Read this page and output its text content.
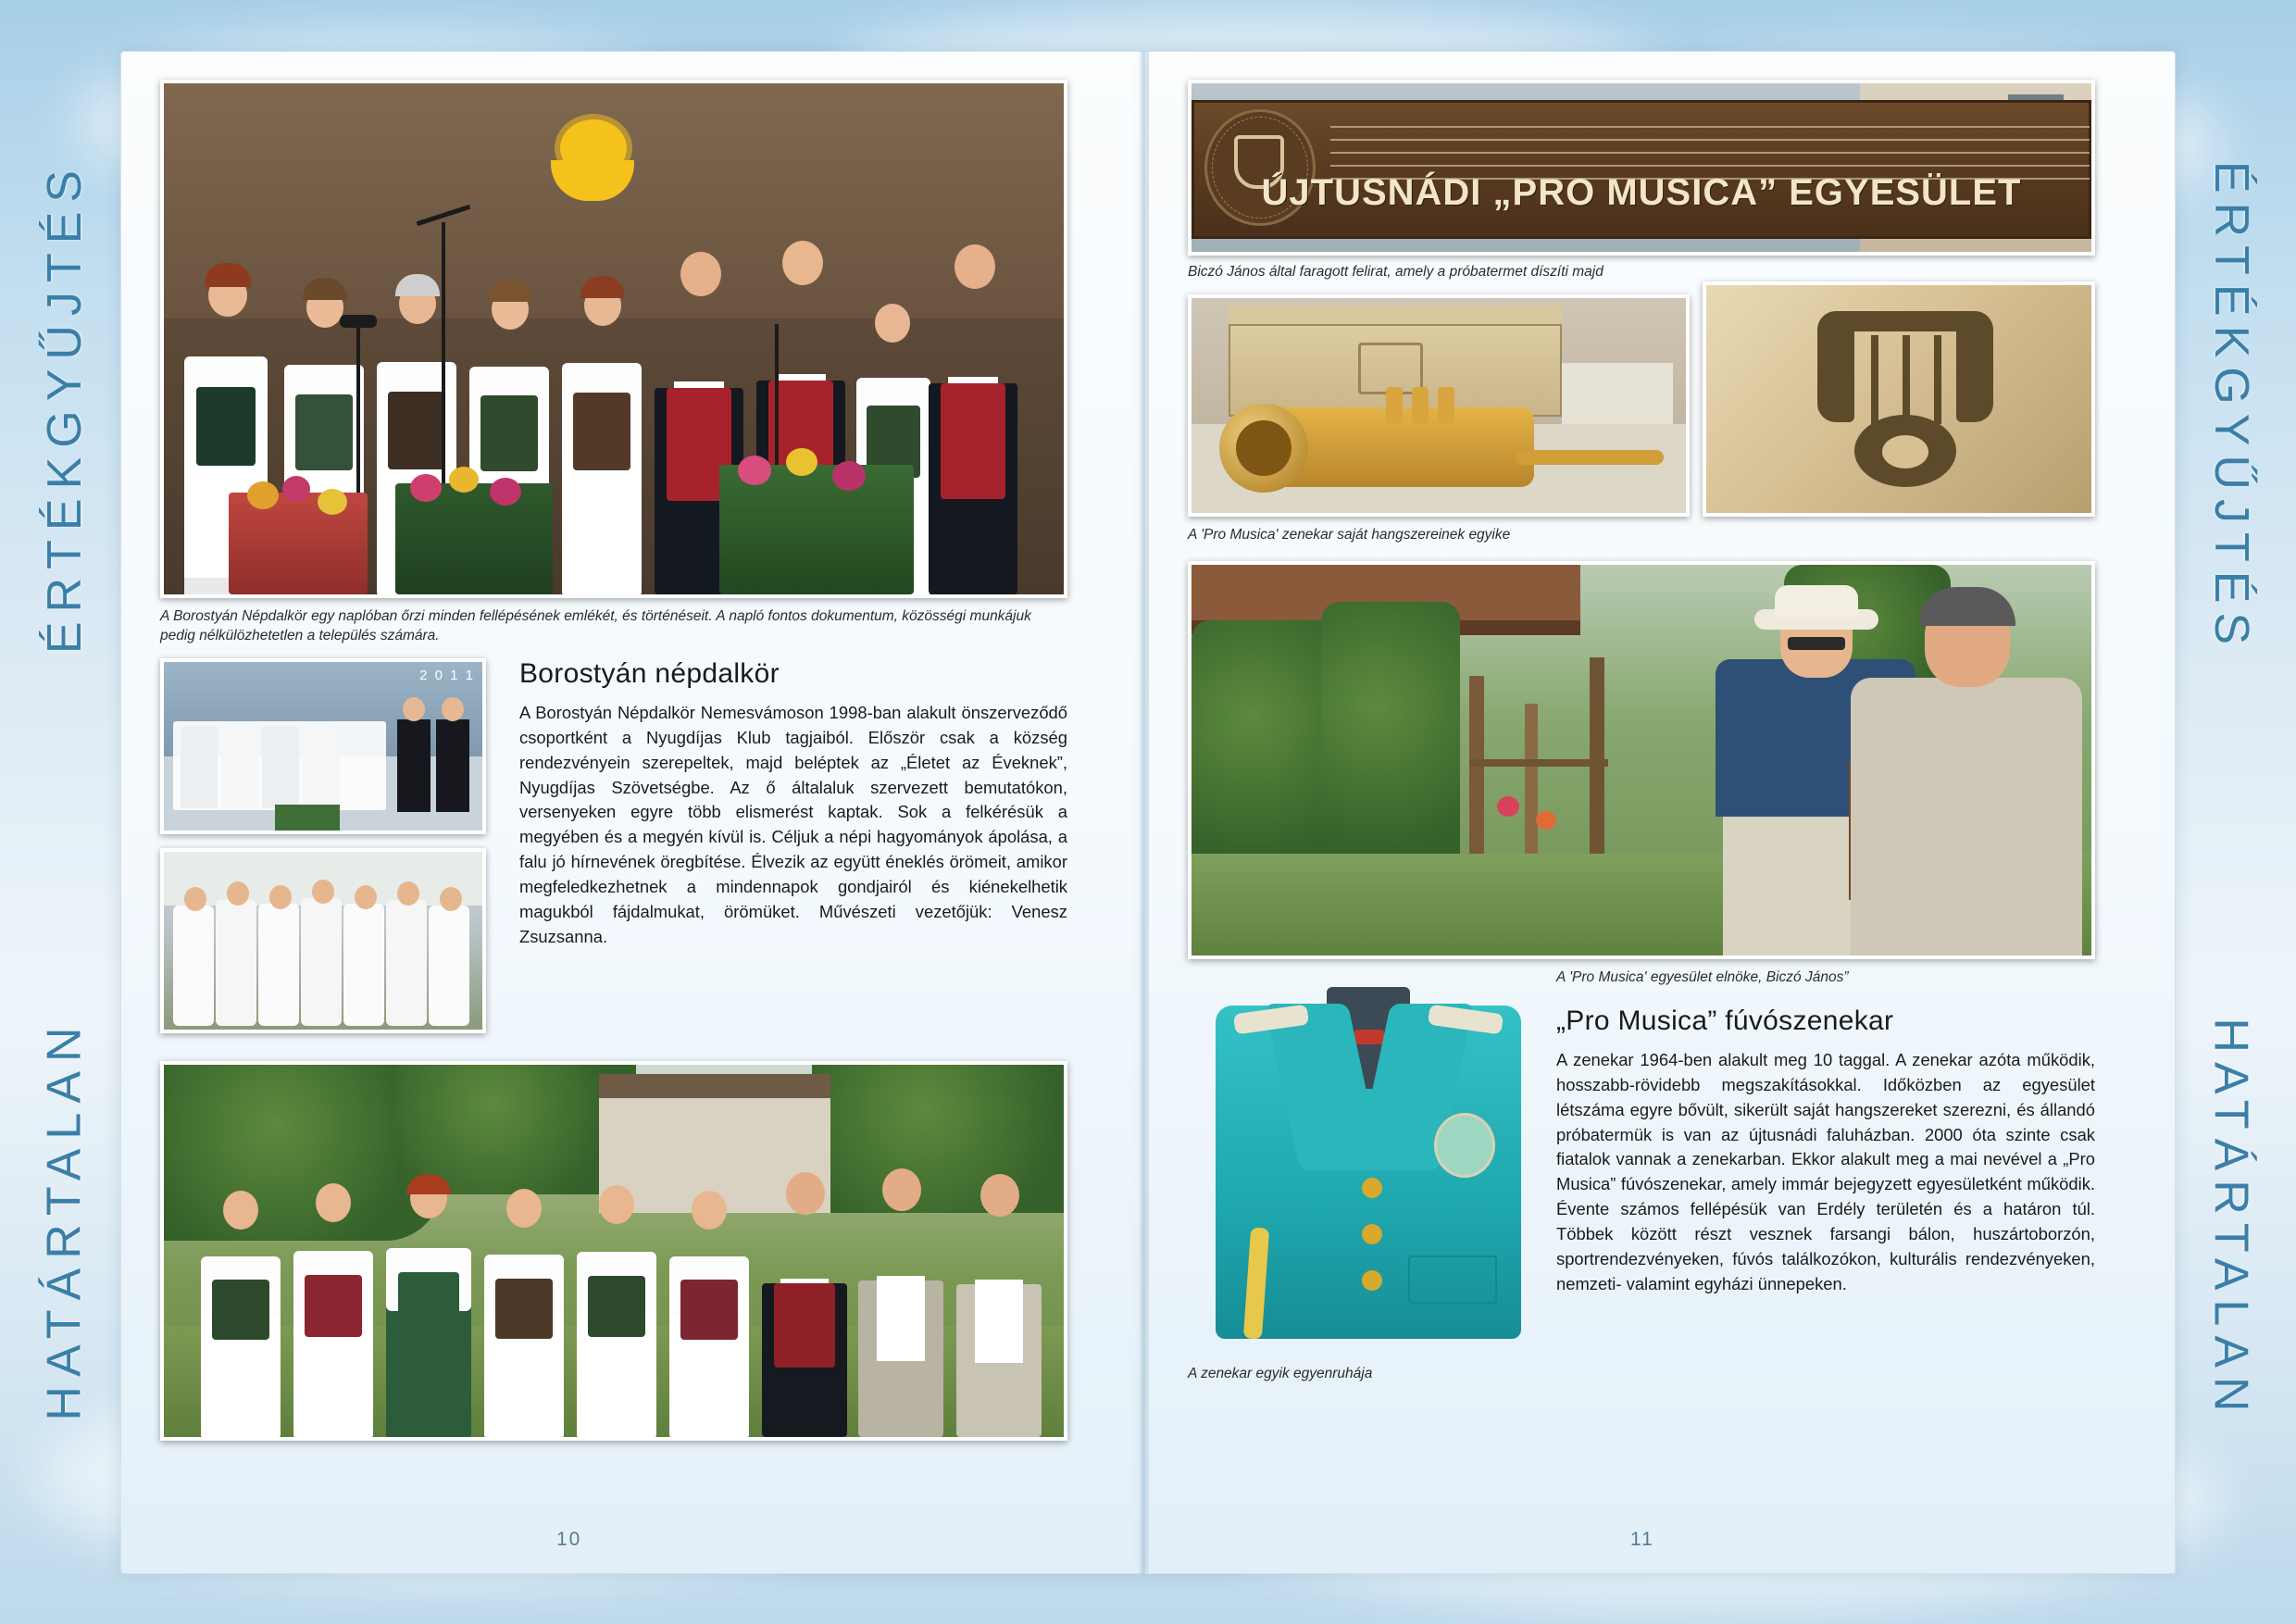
ÉRTÉKGYŰJTÉS
HATÁRTALAN
ÉRTÉKGYŰJTÉS
HATÁRTALAN
A Borostyán Népdalkör egy naplóban őrzi minden fellépésének emlékét, és történéseit. A napló fontos dokumentum, közösségi munkájuk pedig nélkülözhetetlen a település számára.
2 0 1 1 Borostyán népdalkör

A Borostyán Népdalkör Nemesvámoson 1998-ban alakult önszerveződő csoportként a Nyugdíjas Klub tagjaiból. Először csak a község rendezvényein szerepeltek, majd beléptek az „Életet az Éveknek”, Nyugdíjas Szövetségbe. Az ő általaluk szervezett bemutatókon, versenyeken egyre több elismerést kaptak. Sok a felkérésük a megyében és a megyén kívül is. Céljuk a népi hagyományok ápolása, a falu jó hírnevének öregbítése. Élvezik az együtt éneklés örömeit, amikor megfeledkezhetnek a mindennapok gondjairól és kiénekelhetik magukból fájdalmukat, örömüket. Művészeti vezetőjük: Venesz Zsuzsanna.

10
ÚJTUSNÁDI „PRO MUSICA” EGYESÜLET
Biczó János által faragott felirat, amely a próbatermet díszíti majd
A 'Pro Musica' zenekar saját hangszereinek egyike
A 'Pro Musica' egyesület elnöke, Biczó János”
A zenekar egyik egyenruhája
„Pro Musica” fúvószenekar

A zenekar 1964-ben alakult meg 10 taggal. A zenekar azóta működik, hosszabb-rövidebb megszakításokkal. Időközben az egyesület létszáma egyre bővült, sikerült saját hangszereket szerezni, és állandó próbatermük is van az újtusnádi faluházban. 2000 óta szinte csak fiatalok vannak a zenekarban. Ekkor alakult meg a mai nevével a „Pro Musica” fúvószenekar, amely immár bejegyzett egyesületként működik. Évente számos fellépésük van Erdély területén és a határon túl. Többek között részt vesznek farsangi bálon, huszártoborzón, sportrendezvényeken, fúvós találkozókon, kulturális rendezvényeken, nemzeti- valamint egyházi ünnepeken.

11
